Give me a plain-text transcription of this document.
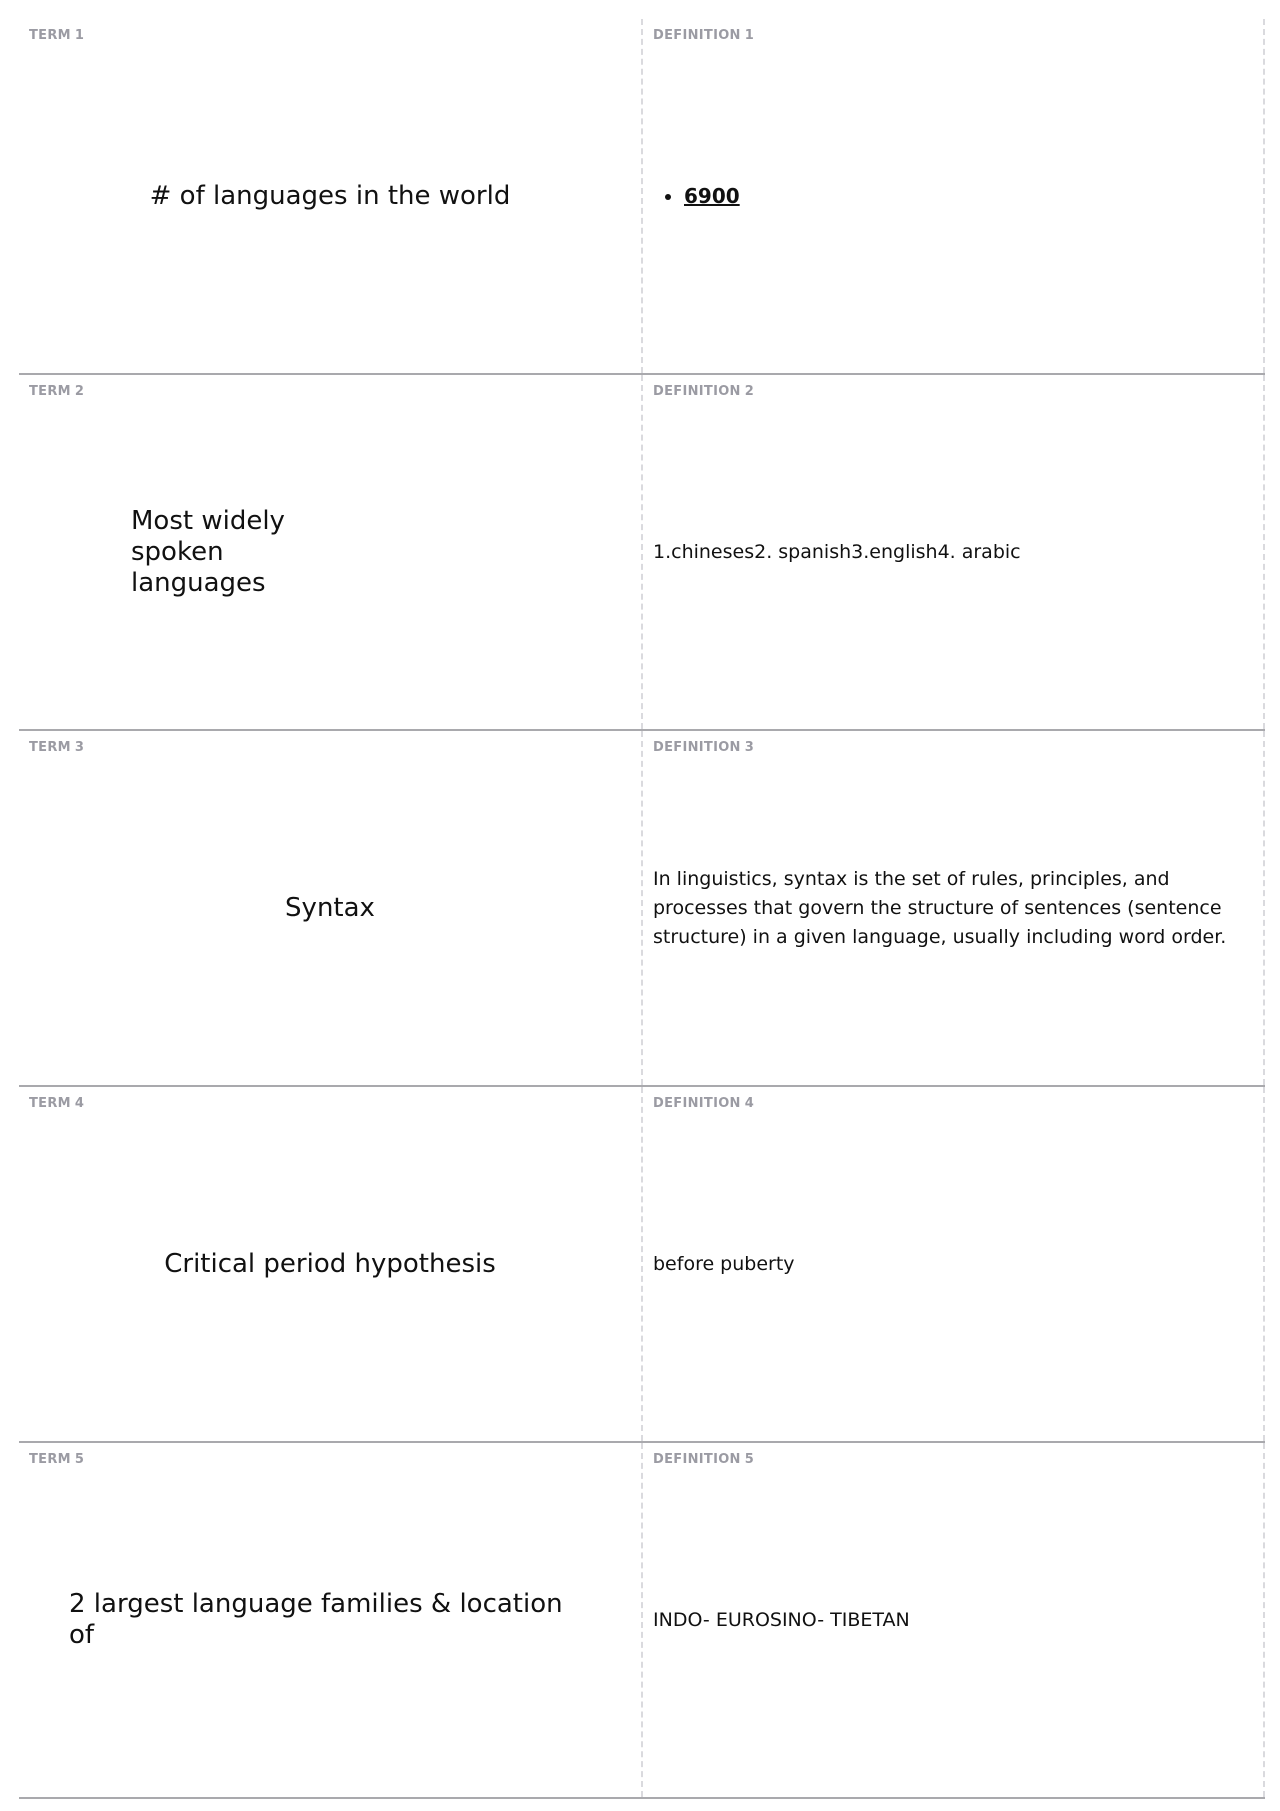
TERM 1
# of languages in the world
DEFINITION 1
• 6900
TERM 2
Most widely spoken languages
DEFINITION 2
1.chineses2. spanish3.english4. arabic
TERM 3
Syntax
DEFINITION 3
In linguistics, syntax is the set of rules, principles, and processes that govern the structure of sentences (sentence structure) in a given language, usually including word order.
TERM 4
Critical period hypothesis
DEFINITION 4
before puberty
TERM 5
2 largest language families & location of
DEFINITION 5
INDO- EUROSINO- TIBETAN
